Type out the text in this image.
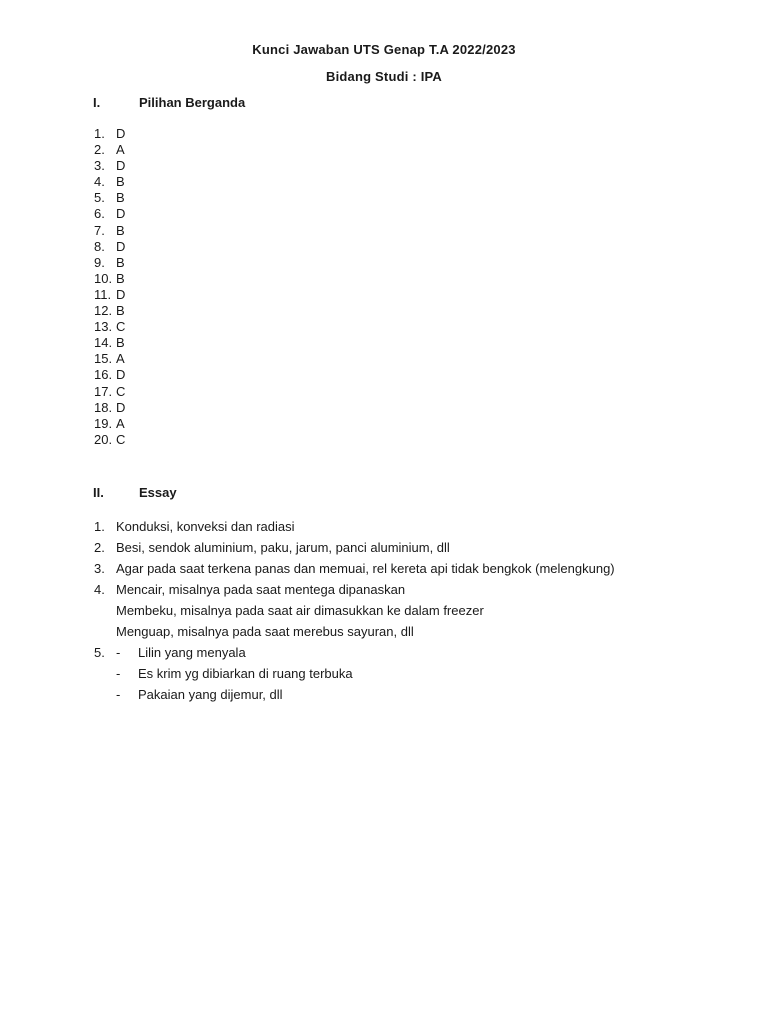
Kunci Jawaban UTS Genap T.A 2022/2023
Bidang Studi : IPA
I.	Pilihan Berganda
1. D
2. A
3. D
4. B
5. B
6. D
7. B
8. D
9. B
10. B
11. D
12. B
13. C
14. B
15. A
16. D
17. C
18. D
19. A
20. C
II.	Essay
1. Konduksi, konveksi dan radiasi
2. Besi, sendok aluminium, paku, jarum, panci aluminium, dll
3. Agar pada saat terkena panas dan memuai, rel kereta api tidak bengkok (melengkung)
4. Mencair, misalnya pada saat mentega dipanaskan
Membeku, misalnya pada saat air dimasukkan ke dalam freezer
Menguap, misalnya pada saat merebus sayuran, dll
5. -	Lilin yang menyala
-	Es krim yg dibiarkan di ruang terbuka
-	Pakaian yang dijemur, dll
